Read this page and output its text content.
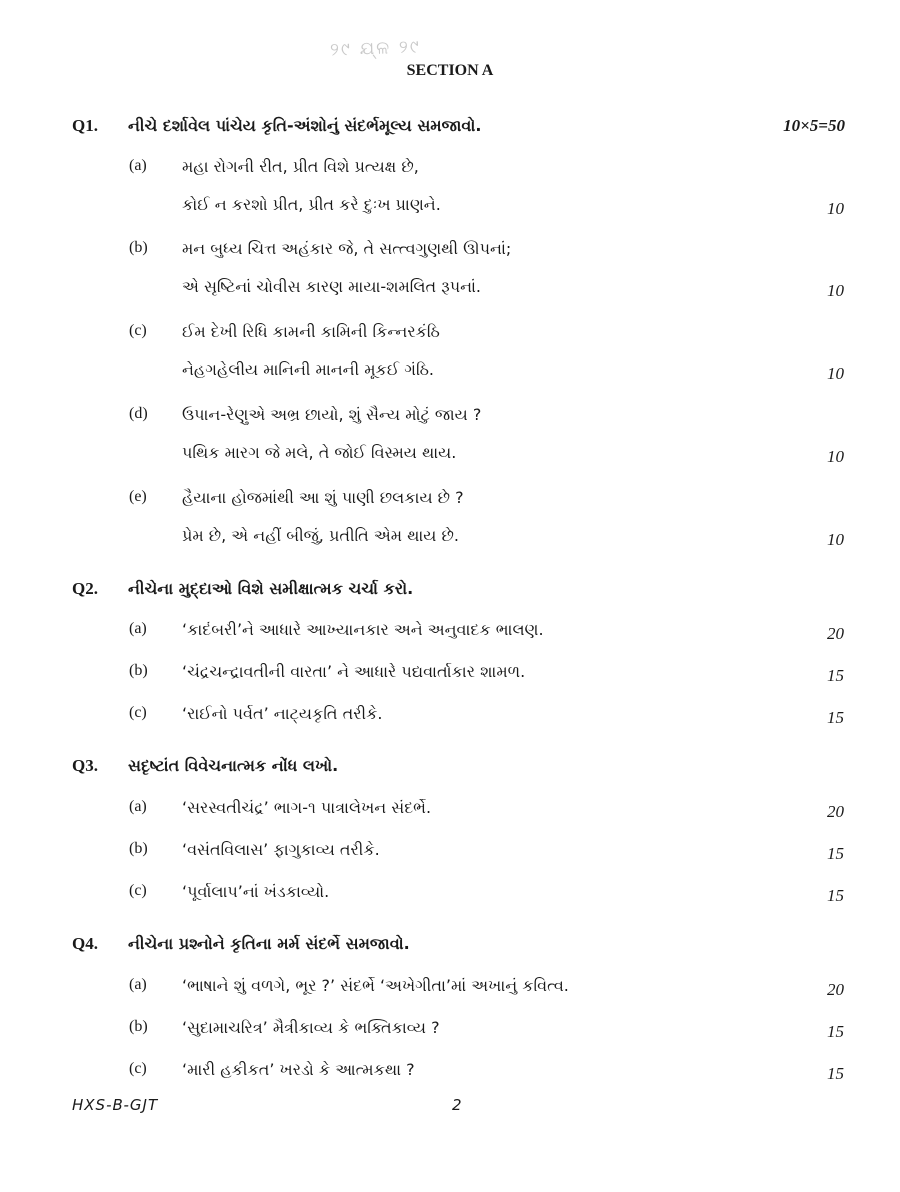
୨୯ ଯ୍ଳ ୨୯
SECTION A
Q1. નીચે દર્શાવેલ પાંચેય કૃતિ-અંશોનું સંદર્ભમૂલ્ય સમજાવો.	10×5=50
(a) મહા રોગની રીત, પ્રીત વિશે પ્રત્યક્ષ છે,
કોઈ ન કરશો પ્રીત, પ્રીત કરે દુઃખ પ્રાણને.	10
(b) મન બુધ્ય ચિત્ત અહંકાર જે, તે સત્ત્વગુણથી ઊપનાં;
એ સૃષ્ટિનાં ચોવીસ કારણ માયા-શમલિત રૂપનાં.	10
(c) ઈમ દેખી રિધિ કામની કામિની કિન્નરકંઠિ
નેહગહેલીય માનિની માનની મૂકઈ ગંઠિ.	10
(d) ઉપાન-રેણુએ અભ્ર છાયો, શું સૈન્ય મોટું જાય ?
પથિક મારગ જે મલે, તે જોઈ વિસ્મય થાય.	10
(e) હૈયાના હોજમાંથી આ શું પાણી છલકાય છે ?
પ્રેમ છે, એ નહીં બીજું, પ્રતીતિ એમ થાય છે.	10
Q2. નીચેના મુદ્દાઓ વિશે સમીક્ષાત્મક ચર્ચા કરો.
(a) ‘કાદંબરી’ને આધારે આખ્યાનકાર અને અનુવાદક ભાલણ.	20
(b) ‘ચંદ્રચન્દ્રાવતીની વારતા’ ને આધારે પદ્યવાર્તાકાર શામળ.	15
(c) ‘રાઈનો પર્વત’ નાટ્યકૃતિ તરીકે.	15
Q3. સદૃષ્ટાંત વિવેચનાત્મક નોંધ લખો.
(a) ‘સરસ્વતીચંદ્ર’ ભાગ-૧ પાત્રાલેખન સંદર્ભે.	20
(b) ‘વસંતવિલાસ’ ફાગુકાવ્ય તરીકે.	15
(c) ‘પૂર્વાલાપ’નાં ખંડકાવ્યો.	15
Q4. નીચેના પ્રશ્નોને કૃતિના મર્મ સંદર્ભે સમજાવો.
(a) ‘ભાષાને શું વળગે, ભૂર ?’ સંદર્ભે ‘અખેગીતા’માં અખાનું કવિત્વ.	20
(b) ‘સુદામાચરિત્ર’ મૈત્રીકાવ્ય કે ભક્તિકાવ્ય ?	15
(c) ‘મારી હકીકત’ ખરડો કે આત્મકથા ?	15
HXS-B-GJT	2
